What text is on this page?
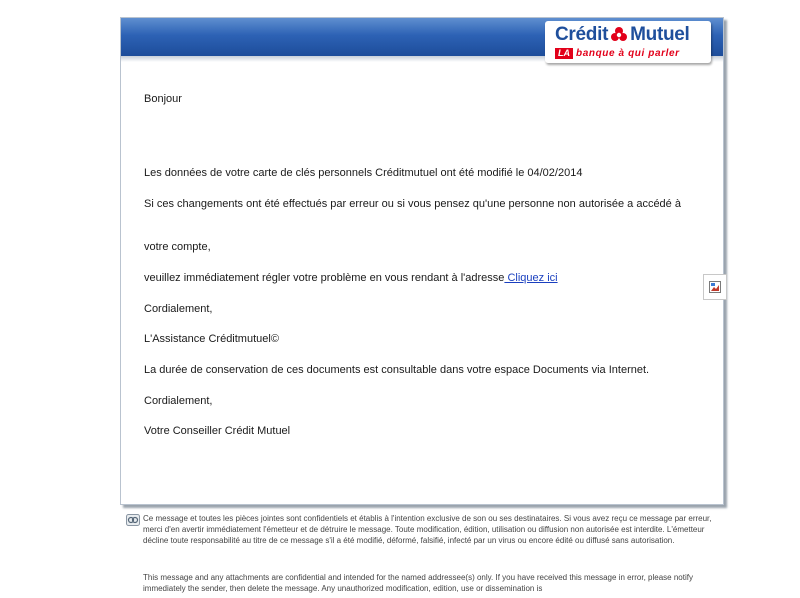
Crédit Mutuel
LA banque à qui parler
Bonjour
Les données de votre carte de clés personnels Créditmutuel ont été modifié le 04/02/2014
Si ces changements ont été effectués par erreur ou si vous pensez qu'une personne non autorisée a accédé à
votre compte,
veuillez immédiatement régler votre problème en vous rendant à l'adresse Cliquez ici
Cordialement,
L'Assistance Créditmutuel©
La durée de conservation de ces documents est consultable dans votre espace Documents via Internet.
Cordialement,
Votre Conseiller Crédit Mutuel
Ce message et toutes les pièces jointes sont confidentiels et établis à l'intention exclusive de son ou ses destinataires. Si vous avez reçu ce message par erreur, merci d'en avertir immédiatement l'émetteur et de détruire le message. Toute modification, édition, utilisation ou diffusion non autorisée est interdite. L'émetteur décline toute responsabilité au titre de ce message s'il a été modifié, déformé, falsifié, infecté par un virus ou encore édité ou diffusé sans autorisation.
This message and any attachments are confidential and intended for the named addressee(s) only. If you have received this message in error, please notify immediately the sender, then delete the message. Any unauthorized modification, edition, use or dissemination is
